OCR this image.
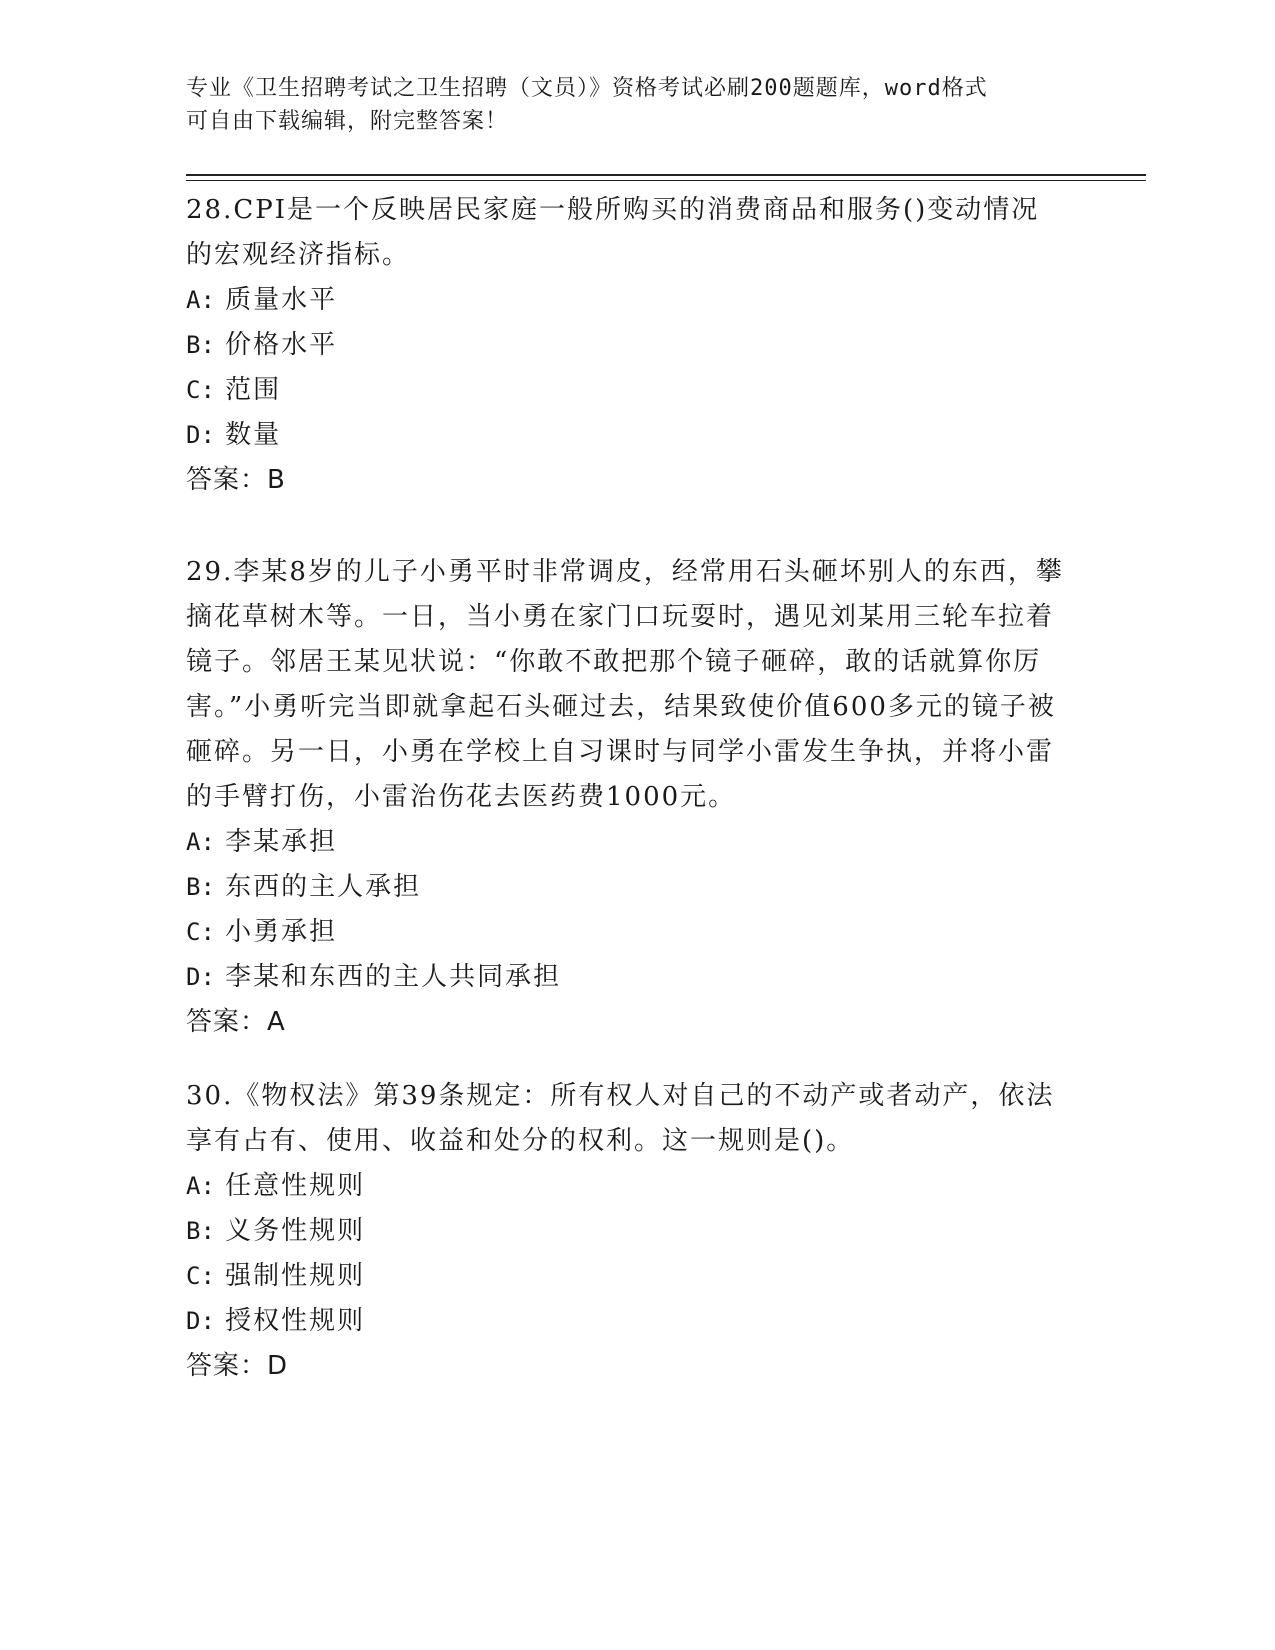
专业《卫生招聘考试之卫生招聘（文员）》资格考试必刷200题题库，word格式
可自由下载编辑，附完整答案！

28.CPI是一个反映居民家庭一般所购买的消费商品和服务()变动情况的宏观经济指标。

A: 质量水平

B: 价格水平

C: 范围

D: 数量

答案：B

29.李某8岁的儿子小勇平时非常调皮，经常用石头砸坏别人的东西，攀摘花草树木等。一日，当小勇在家门口玩耍时，遇见刘某用三轮车拉着镜子。邻居王某见状说：“你敢不敢把那个镜子砸碎，敢的话就算你厉害。”小勇听完当即就拿起石头砸过去，结果致使价值600多元的镜子被砸碎。另一日，小勇在学校上自习课时与同学小雷发生争执，并将小雷的手臂打伤，小雷治伤花去医药费1000元。

A: 李某承担

B: 东西的主人承担

C: 小勇承担

D: 李某和东西的主人共同承担

答案：A

30.《物权法》第39条规定：所有权人对自己的不动产或者动产，依法享有占有、使用、收益和处分的权利。这一规则是()。

A: 任意性规则

B: 义务性规则

C: 强制性规则

D: 授权性规则

答案：D
